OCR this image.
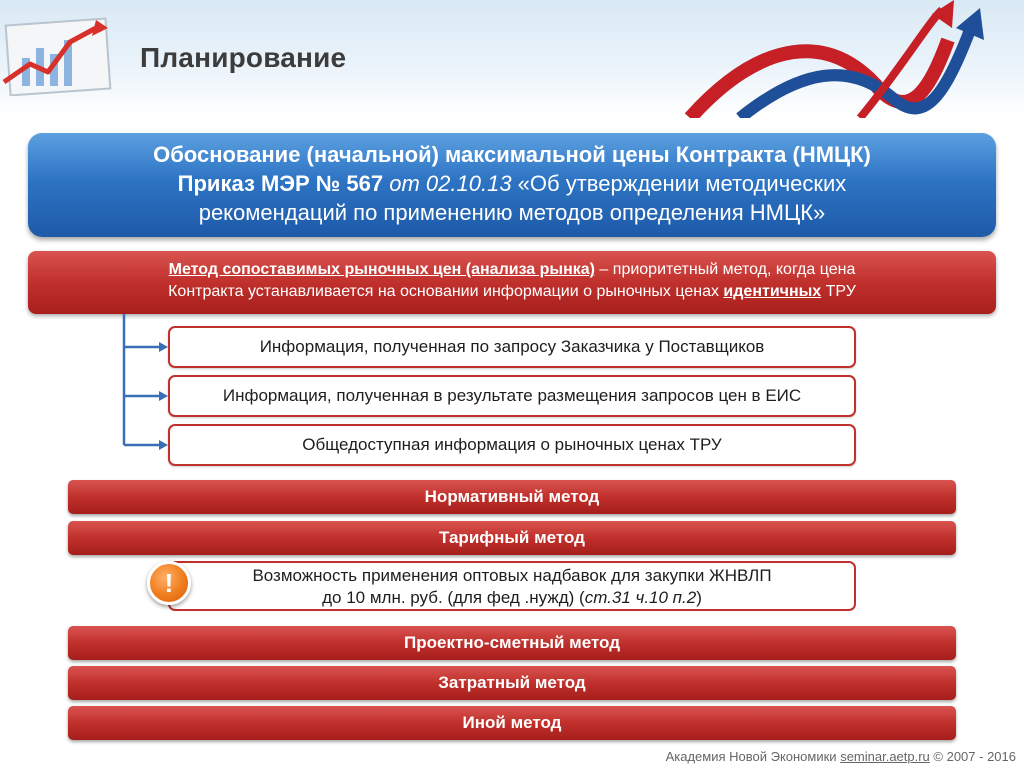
Планирование
Обоснование (начальной) максимальной цены Контракта (НМЦК)
Приказ МЭР № 567 от 02.10.13 «Об утверждении методических
рекомендаций по применению методов определения НМЦК»
Метод сопоставимых рыночных цен (анализа рынка) – приоритетный метод, когда цена
Контракта устанавливается на основании информации о рыночных ценах идентичных ТРУ
Информация, полученная по запросу Заказчика у Поставщиков
Информация, полученная в результате размещения запросов цен в ЕИС
Общедоступная информация о рыночных ценах ТРУ
Нормативный метод
Тарифный метод
Возможность применения оптовых надбавок для закупки ЖНВЛП
до 10 млн. руб. (для фед .нужд) (ст.31 ч.10 п.2)
!
Проектно-сметный метод
Затратный метод
Иной метод
Академия Новой Экономики seminar.aetp.ru © 2007 - 2016
